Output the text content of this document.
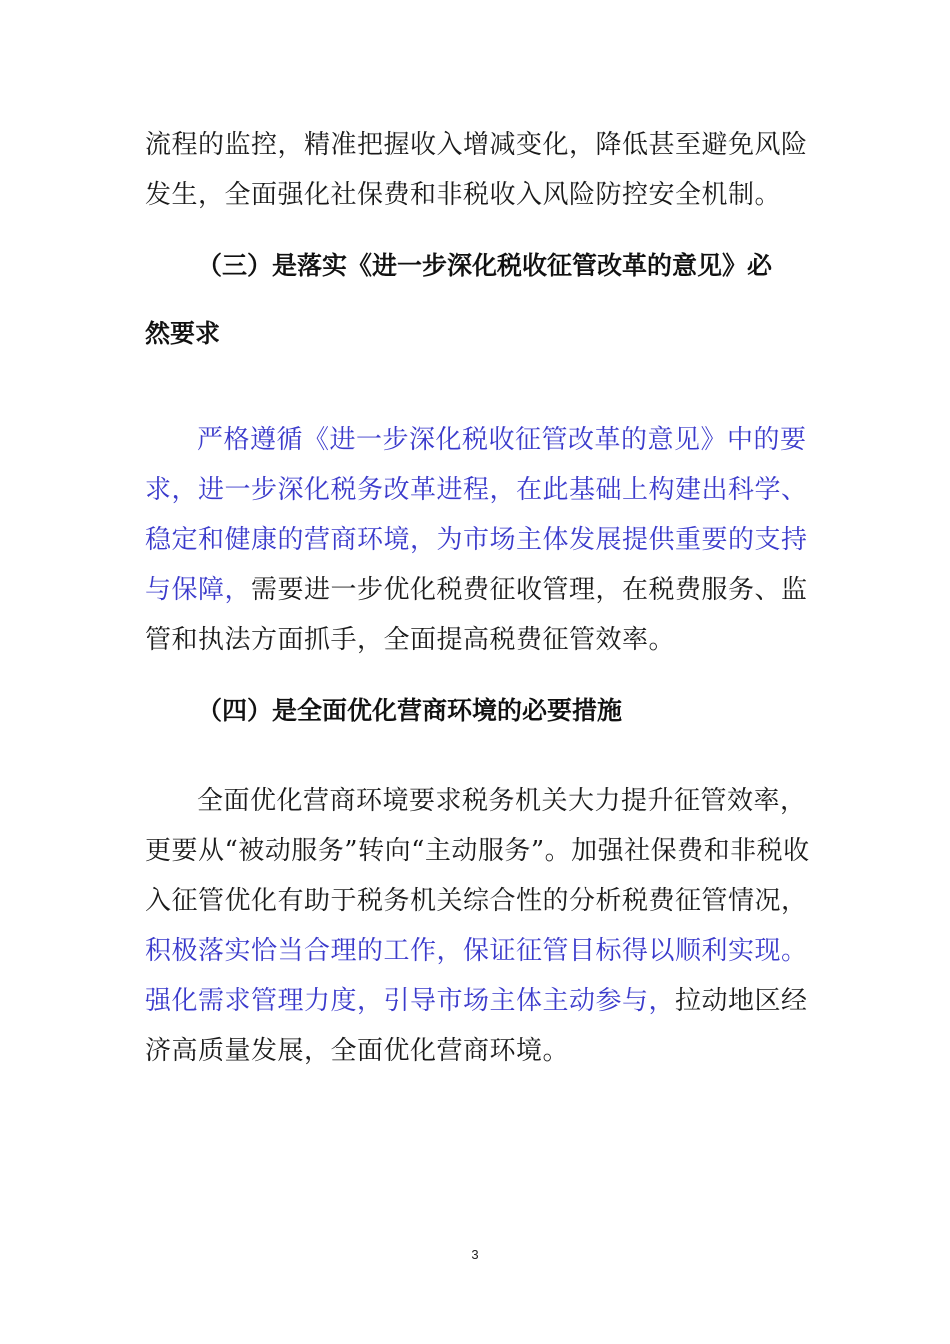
流程的监控，精准把握收入增减变化，降低甚至避免风险发生，全面强化社保费和非税收入风险防控安全机制。

（三）是落实《进一步深化税收征管改革的意见》必
然要求

严格遵循《进一步深化税收征管改革的意见》中的要求，进一步深化税务改革进程，在此基础上构建出科学、稳定和健康的营商环境，为市场主体发展提供重要的支持与保障，需要进一步优化税费征收管理，在税费服务、监管和执法方面抓手，全面提高税费征管效率。

（四）是全面优化营商环境的必要措施

全面优化营商环境要求税务机关大力提升征管效率，更要从“被动服务”转向“主动服务”。加强社保费和非税收入征管优化有助于税务机关综合性的分析税费征管情况，积极落实恰当合理的工作，保证征管目标得以顺利实现。强化需求管理力度，引导市场主体主动参与，拉动地区经济高质量发展，全面优化营商环境。

3
